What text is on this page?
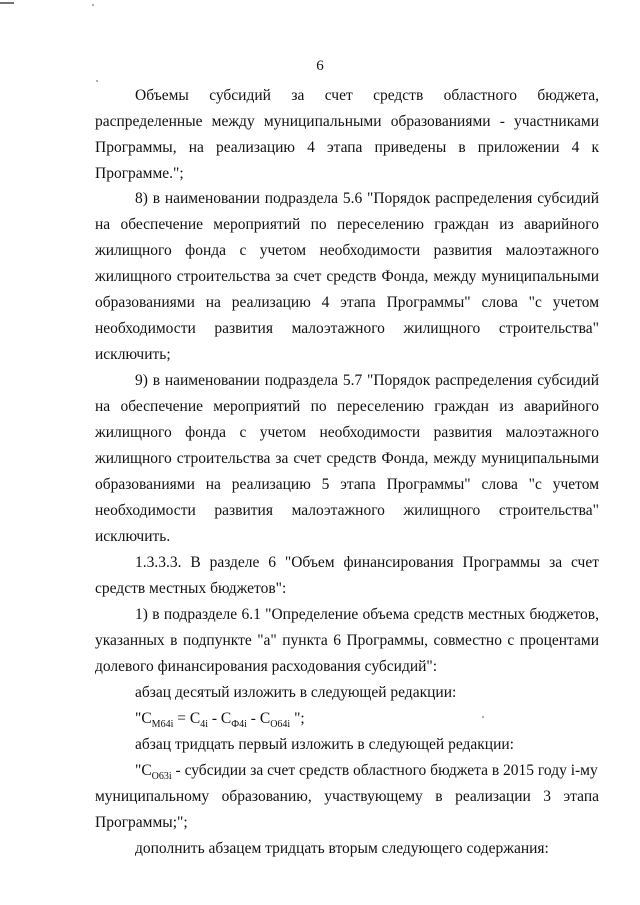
6
Объемы субсидий за счет средств областного бюджета,
распределенные между муниципальными образованиями - участниками
Программы, на реализацию 4 этапа приведены в приложении 4 к
Программе.";
8) в наименовании подраздела 5.6 "Порядок распределения субсидий
на обеспечение мероприятий по переселению граждан из аварийного
жилищного фонда с учетом необходимости развития малоэтажного
жилищного строительства за счет средств Фонда, между муниципальными
образованиями на реализацию 4 этапа Программы" слова "с учетом
необходимости развития малоэтажного жилищного строительства"
исключить;
9) в наименовании подраздела 5.7 "Порядок распределения субсидий
на обеспечение мероприятий по переселению граждан из аварийного
жилищного фонда с учетом необходимости развития малоэтажного
жилищного строительства за счет средств Фонда, между муниципальными
образованиями на реализацию 5 этапа Программы" слова "с учетом
необходимости развития малоэтажного жилищного строительства"
исключить.
1.3.3.3. В разделе 6 "Объем финансирования Программы за счет
средств местных бюджетов":
1) в подразделе 6.1 "Определение объема средств местных бюджетов,
указанных в подпункте "а" пункта 6 Программы, совместно с процентами
долевого финансирования расходования субсидий":
абзац десятый изложить в следующей редакции:
"$С_{М64i} = С_{4i} - С_{Ф4i} - С_{О64i}$ ";
абзац тридцать первый изложить в следующей редакции:
"$С_{О63i}$ - субсидии за счет средств областного бюджета в 2015 году i-му
муниципальному образованию, участвующему в реализации 3 этапа
Программы;";
дополнить абзацем тридцать вторым следующего содержания:
